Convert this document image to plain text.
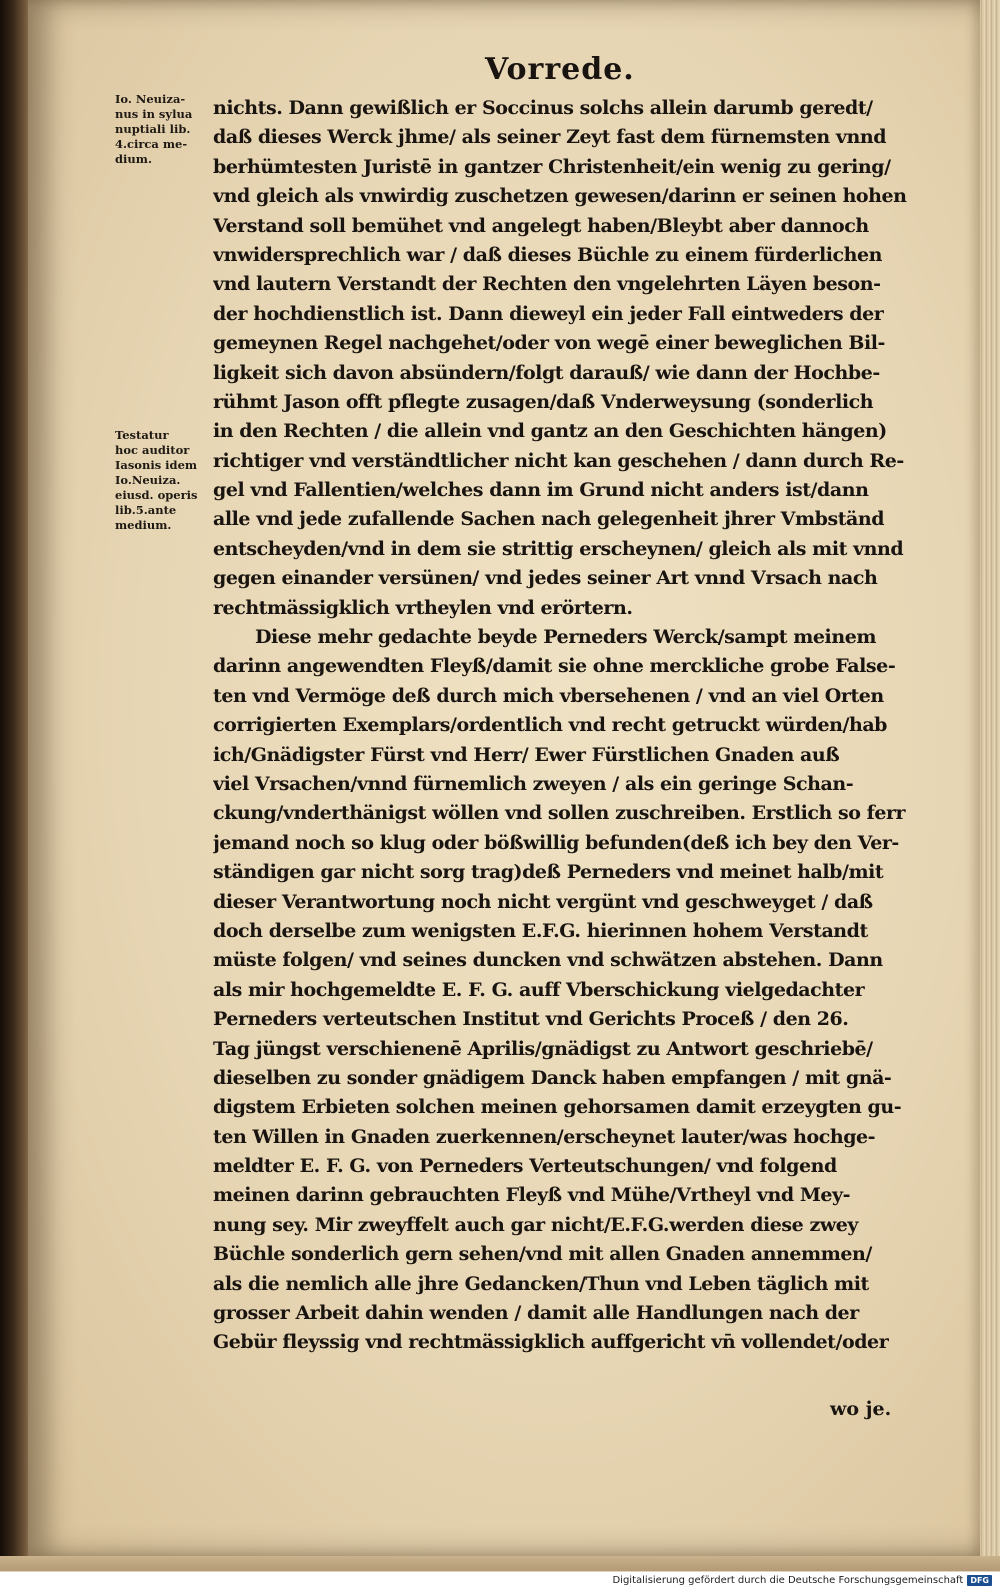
Vorrede.
Io. Neuiza-
nus in sylua
nuptiali lib.
4.circa me-
dium.
Testatur
hoc auditor
Iasonis idem
Io.Neuiza.
eiusd. operis
lib.5.ante
medium.
nichts. Dann gewißlich er Soccinus solchs allein darumb geredt/
daß dieses Werck jhme/ als seiner Zeyt fast dem fürnemsten vnnd
berhümtesten Juristē in gantzer Christenheit/ein wenig zu gering/
vnd gleich als vnwirdig zuschetzen gewesen/darinn er seinen hohen
Verstand soll bemühet vnd angelegt haben/Bleybt aber dannoch
vnwidersprechlich war / daß dieses Büchle zu einem fürderlichen
vnd lautern Verstandt der Rechten den vngelehrten Läyen beson-
der hochdienstlich ist. Dann dieweyl ein jeder Fall eintweders der
gemeynen Regel nachgehet/oder von wegē einer beweglichen Bil-
ligkeit sich davon absündern/folgt darauß/ wie dann der Hochbe-
rühmt Jason offt pflegte zusagen/daß Vnderweysung (sonderlich
in den Rechten / die allein vnd gantz an den Geschichten hängen)
richtiger vnd verständtlicher nicht kan geschehen / dann durch Re-
gel vnd Fallentien/welches dann im Grund nicht anders ist/dann
alle vnd jede zufallende Sachen nach gelegenheit jhrer Vmbständ
entscheyden/vnd in dem sie strittig erscheynen/ gleich als mit vnnd
gegen einander versünen/ vnd jedes seiner Art vnnd Vrsach nach
rechtmässigklich vrtheylen vnd erörtern.
Diese mehr gedachte beyde Perneders Werck/sampt meinem
darinn angewendten Fleyß/damit sie ohne merckliche grobe False-
ten vnd Vermöge deß durch mich vbersehenen / vnd an viel Orten
corrigierten Exemplars/ordentlich vnd recht getruckt würden/hab
ich/Gnädigster Fürst vnd Herr/ Ewer Fürstlichen Gnaden auß
viel Vrsachen/vnnd fürnemlich zweyen / als ein geringe Schan-
ckung/vnderthänigst wöllen vnd sollen zuschreiben. Erstlich so ferr
jemand noch so klug oder bößwillig befunden(deß ich bey den Ver-
ständigen gar nicht sorg trag)deß Perneders vnd meinet halb/mit
dieser Verantwortung noch nicht vergünt vnd geschweyget / daß
doch derselbe zum wenigsten E.F.G. hierinnen hohem Verstandt
müste folgen/ vnd seines duncken vnd schwätzen abstehen. Dann
als mir hochgemeldte E. F. G. auff Vberschickung vielgedachter
Perneders verteutschen Institut vnd Gerichts Proceß / den 26.
Tag jüngst verschienenē Aprilis/gnädigst zu Antwort geschriebē/
dieselben zu sonder gnädigem Danck haben empfangen / mit gnä-
digstem Erbieten solchen meinen gehorsamen damit erzeygten gu-
ten Willen in Gnaden zuerkennen/erscheynet lauter/was hochge-
meldter E. F. G. von Perneders Verteutschungen/ vnd folgend
meinen darinn gebrauchten Fleyß vnd Mühe/Vrtheyl vnd Mey-
nung sey. Mir zweyffelt auch gar nicht/E.F.G.werden diese zwey
Büchle sonderlich gern sehen/vnd mit allen Gnaden annemmen/
als die nemlich alle jhre Gedancken/Thun vnd Leben täglich mit
grosser Arbeit dahin wenden / damit alle Handlungen nach der
Gebür fleyssig vnd rechtmässigklich auffgericht vn̄ vollendet/oder
wo je.
Digitalisierung gefördert durch die Deutsche Forschungsgemeinschaft DFG
